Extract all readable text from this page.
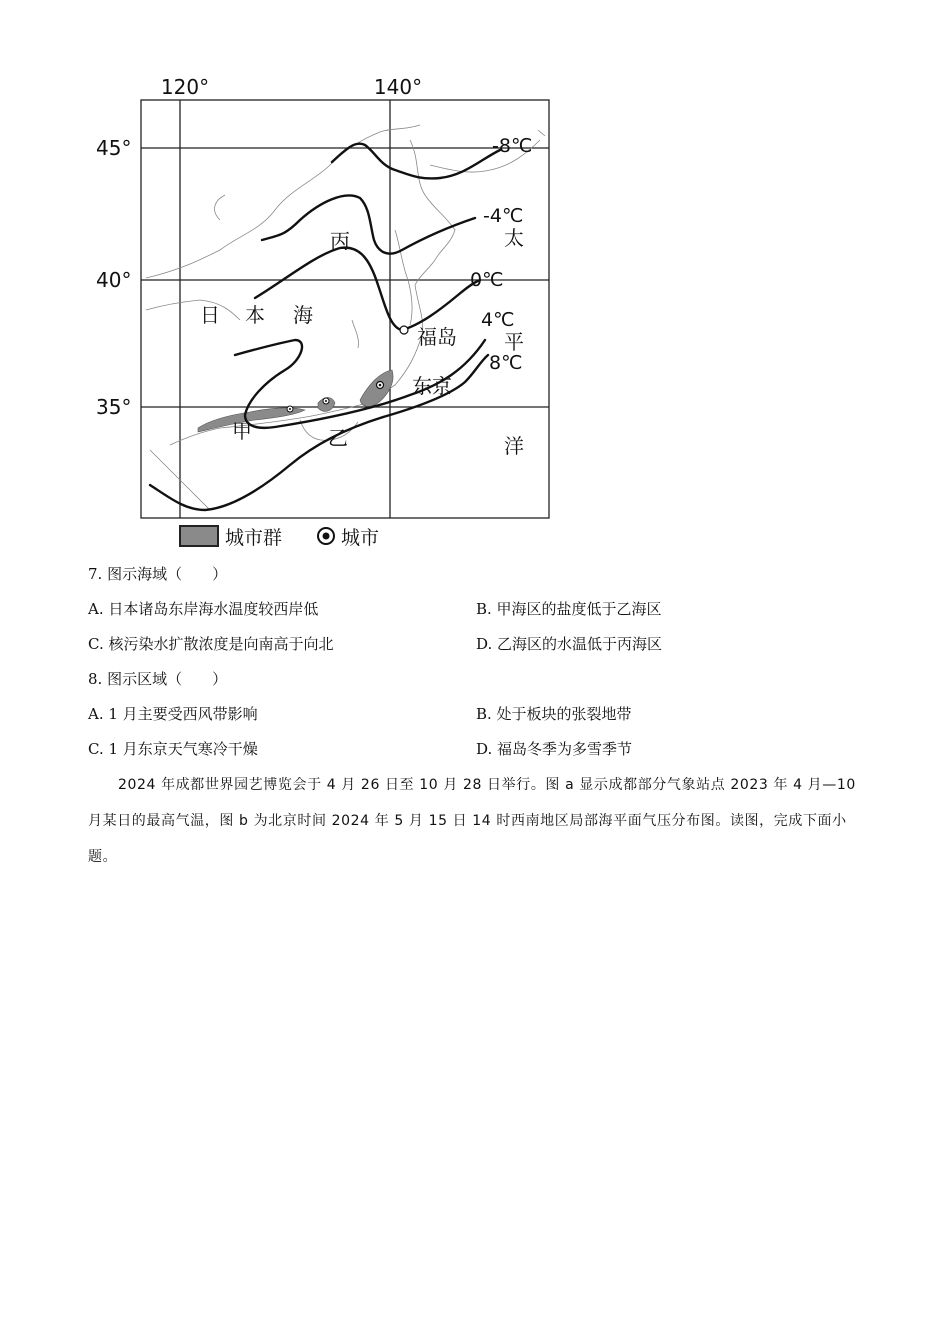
120°	140°
45°
40°
35°
-8℃
-4℃
0℃
4℃
8℃
丙
日 本 海
福岛
东京
甲	乙
太
平
洋
城市群	城市
7. 图示海域（　　）
A. 日本诸岛东岸海水温度较西岸低	B. 甲海区的盐度低于乙海区
C. 核污染水扩散浓度是向南高于向北	D. 乙海区的水温低于丙海区
8. 图示区域（　　）
A. 1 月主要受西风带影响	B. 处于板块的张裂地带
C. 1 月东京天气寒冷干燥	D. 福岛冬季为多雪季节
2024 年成都世界园艺博览会于 4 月 26 日至 10 月 28 日举行。图 a 显示成都部分气象站点 2023 年 4 月—10 月某日的最高气温，图 b 为北京时间 2024 年 5 月 15 日 14 时西南地区局部海平面气压分布图。读图，完成下面小题。
